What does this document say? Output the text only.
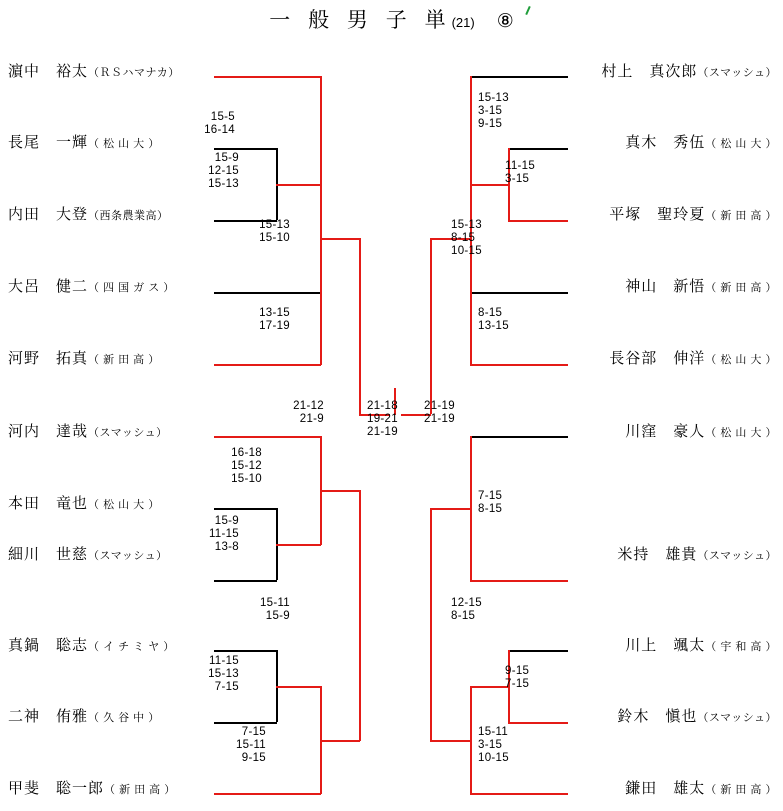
一 般 男 子 単(21) ⑧
濵中　裕太（ＲＳハマナカ）
長尾　一輝（ 松 山 大 ）
内田　大登（西条農業高）
大呂　健二（ 四 国 ガ ス ）
河野　拓真（ 新 田 高 ）
河内　達哉（スマッシュ）
本田　竜也（ 松 山 大 ）
細川　世慈（スマッシュ）
真鍋　聡志（ イ チ ミ ヤ ）
二神　侑雅（ 久 谷 中 ）
甲斐　聡一郎（ 新 田 高 ）
村上　真次郎（スマッシュ）
真木　秀伍（ 松 山 大 ）
平塚　聖玲夏（ 新 田 高 ）
神山　新悟（ 新 田 高 ）
長谷部　伸洋（ 松 山 大 ）
川窪　豪人（ 松 山 大 ）
米持　雄貴（スマッシュ）
川上　颯太（ 宇 和 高 ）
鈴木　愼也（スマッシュ）
鎌田　雄太（ 新 田 高 ）
15-5
16-14
15-9
12-15
15-13
15-13
15-10
13-15
17-19
21-12
21-9
16-18
15-12
15-10
15-9
11-15
13-8
15-11
15-9
11-15
15-13
7-15
7-15
15-11
9-15
21-18
19-21
21-19
15-13
3-15
9-15
11-15
3-15
15-13
8-15
10-15
8-15
13-15
21-19
21-19
7-15
8-15
12-15
8-15
9-15
7-15
15-11
3-15
10-15
